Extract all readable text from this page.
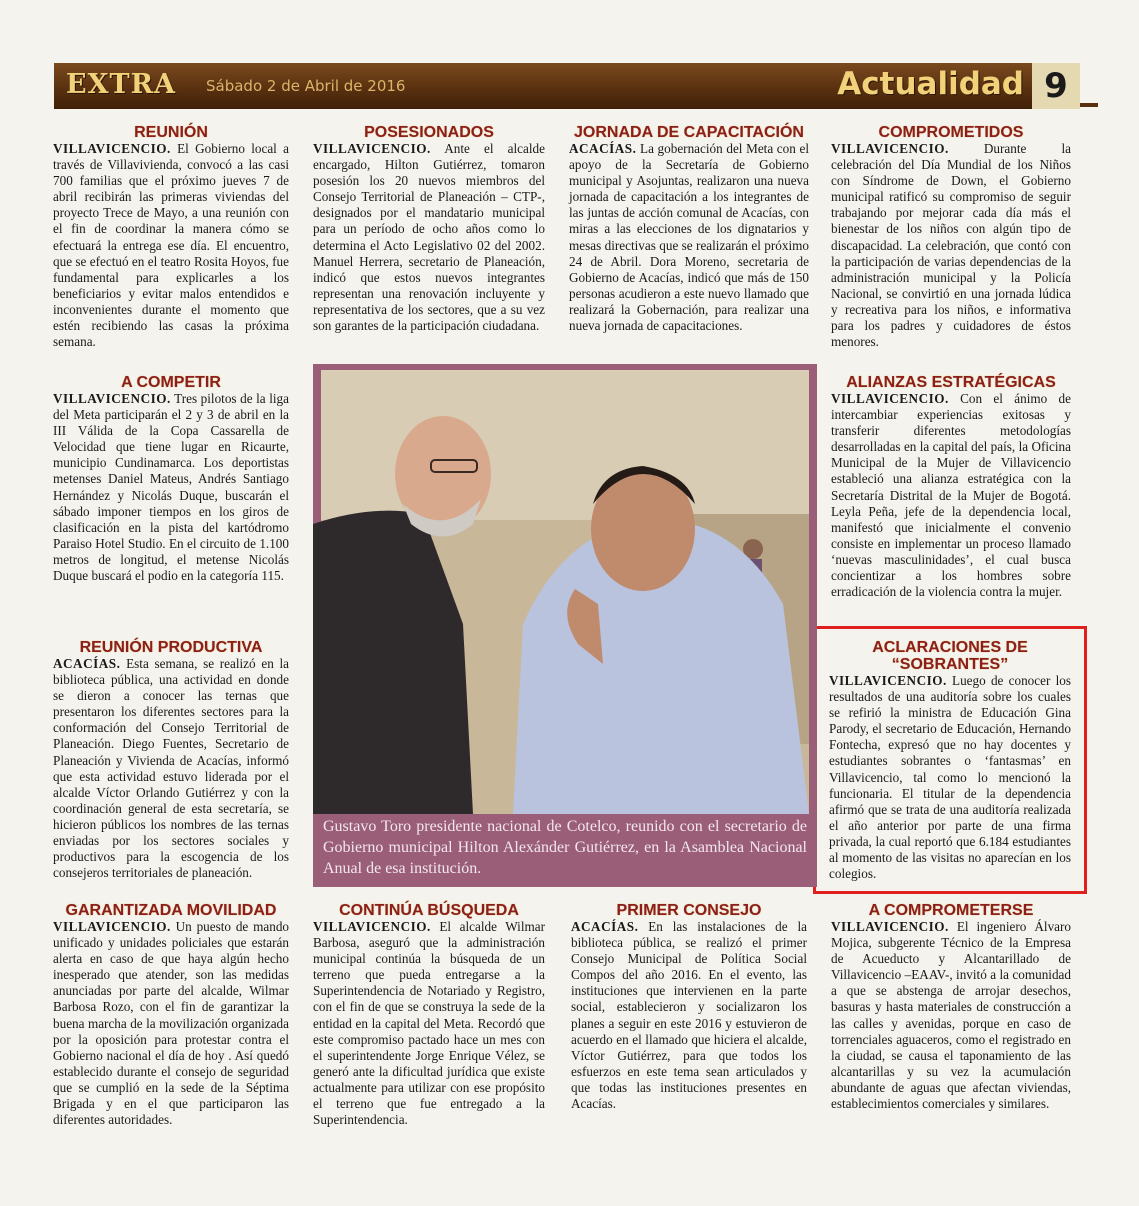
EXTRA Sábado 2 de Abril de 2016	Actualidad 9
REUNIÓN

VILLAVICENCIO. El Gobierno local a través de Villavivienda, convocó a las casi 700 familias que el próximo jueves 7 de abril recibirán las primeras viviendas del proyecto Trece de Mayo, a una reunión con el fin de coordinar la manera cómo se efectuará la entrega ese día. El encuentro, que se efectuó en el teatro Rosita Hoyos, fue fundamental para explicarles a los beneficiarios y evitar malos entendidos e inconvenientes durante el momento que estén recibiendo las casas la próxima semana.

A COMPETIR

VILLAVICENCIO. Tres pilotos de la liga del Meta participarán el 2 y 3 de abril en la III Válida de la Copa Cassarella de Velocidad que tiene lugar en Ricaurte, municipio Cundinamarca. Los deportistas metenses Daniel Mateus, Andrés Santiago Hernández y Nicolás Duque, buscarán el sábado imponer tiempos en los giros de clasificación en la pista del kartódromo Paraiso Hotel Studio. En el circuito de 1.100 metros de longitud, el metense Nicolás Duque buscará el podio en la categoría 115.

REUNIÓN PRODUCTIVA

ACACÍAS. Esta semana, se realizó en la biblioteca pública, una actividad en donde se dieron a conocer las ternas que presentaron los diferentes sectores para la conformación del Consejo Territorial de Planeación. Diego Fuentes, Secretario de Planeación y Vivienda de Acacías, informó que esta actividad estuvo liderada por el alcalde Víctor Orlando Gutiérrez y con la coordinación general de esta secretaría, se hicieron públicos los nombres de las ternas enviadas por los sectores sociales y productivos para la escogencia de los consejeros territoriales de planeación.

GARANTIZADA MOVILIDAD

VILLAVICENCIO. Un puesto de mando unificado y unidades policiales que estarán alerta en caso de que haya algún hecho inesperado que atender, son las medidas anunciadas por parte del alcalde, Wilmar Barbosa Rozo, con el fin de garantizar la buena marcha de la movilización organizada por la oposición para protestar contra el Gobierno nacional el día de hoy . Así quedó establecido durante el consejo de seguridad que se cumplió en la sede de la Séptima Brigada y en el que participaron las diferentes autoridades.

POSESIONADOS

VILLAVICENCIO. Ante el alcalde encargado, Hilton Gutiérrez, tomaron posesión los 20 nuevos miembros del Consejo Territorial de Planeación – CTP-, designados por el mandatario municipal para un período de ocho años como lo determina el Acto Legislativo 02 del 2002. Manuel Herrera, secretario de Planeación, indicó que estos nuevos integrantes representan una renovación incluyente y representativa de los sectores, que a su vez son garantes de la participación ciudadana.

CONTINÚA BÚSQUEDA

VILLAVICENCIO. El alcalde Wilmar Barbosa, aseguró que la administración municipal continúa la búsqueda de un terreno que pueda entregarse a la Superintendencia de Notariado y Registro, con el fin de que se construya la sede de la entidad en la capital del Meta. Recordó que este compromiso pactado hace un mes con el superintendente Jorge Enrique Vélez, se generó ante la dificultad jurídica que existe actualmente para utilizar con ese propósito el terreno que fue entregado a la Superintendencia.

JORNADA DE CAPACITACIÓN

ACACÍAS. La gobernación del Meta con el apoyo de la Secretaría de Gobierno municipal y Asojuntas, realizaron una nueva jornada de capacitación a los integrantes de las juntas de acción comunal de Acacías, con miras a las elecciones de los dignatarios y mesas directivas que se realizarán el próximo 24 de Abril. Dora Moreno, secretaria de Gobierno de Acacías, indicó que más de 150 personas acudieron a este nuevo llamado que realizará la Gobernación, para realizar una nueva jornada de capacitaciones.

PRIMER CONSEJO

ACACÍAS. En las instalaciones de la biblioteca pública, se realizó el primer Consejo Municipal de Política Social Compos del año 2016. En el evento, las instituciones que intervienen en la parte social, establecieron y socializaron los planes a seguir en este 2016 y estuvieron de acuerdo en el llamado que hiciera el alcalde, Víctor Gutiérrez, para que todos los esfuerzos en este tema sean articulados y que todas las instituciones presentes en Acacías.

COMPROMETIDOS

VILLAVICENCIO.	Durante la celebración del Día Mundial de los Niños con Síndrome de Down, el Gobierno municipal ratificó su compromiso de seguir trabajando por mejorar cada día más el bienestar de los niños con algún tipo de discapacidad. La celebración, que contó con la participación de varias dependencias de la administración municipal y la Policía Nacional, se convirtió en una jornada lúdica y recreativa para los niños, e informativa para los padres y cuidadores de éstos menores.

ALIANZAS ESTRATÉGICAS

VILLAVICENCIO. Con el ánimo de intercambiar experiencias exitosas y transferir diferentes metodologías desarrolladas en la capital del país, la Oficina Municipal de la Mujer de Villavicencio estableció una alianza estratégica con la Secretaría Distrital de la Mujer de Bogotá. Leyla Peña, jefe de la dependencia local, manifestó que inicialmente el convenio consiste en implementar un proceso llamado ‘nuevas masculinidades’, el cual busca concientizar a los hombres sobre erradicación de la violencia contra la mujer.

ACLARACIONES DE
“SOBRANTES”

VILLAVICENCIO. Luego de conocer los resultados de una auditoría sobre los cuales se refirió la ministra de Educación Gina Parody, el secretario de Educación, Hernando Fontecha, expresó que no hay docentes y estudiantes sobrantes o ‘fantasmas’ en Villavicencio, tal como lo mencionó la funcionaria. El titular de la dependencia afirmó que se trata de una auditoría realizada el año anterior por parte de una firma privada, la cual reportó que 6.184 estudiantes al momento de las visitas no aparecían en los colegios.

A COMPROMETERSE

VILLAVICENCIO. El ingeniero Álvaro Mojica, subgerente Técnico de la Empresa de Acueducto y Alcantarillado de Villavicencio –EAAV-, invitó a la comunidad a que se abstenga de arrojar desechos, basuras y hasta materiales de construcción a las calles y avenidas, porque en caso de torrenciales aguaceros, como el registrado en la ciudad, se causa el taponamiento de las alcantarillas y su vez la acumulación abundante de aguas que afectan viviendas, establecimientos comerciales y similares.

Gustavo Toro presidente nacional de Cotelco, reunido con el secretario de Gobierno municipal Hilton Alexánder Gutiérrez, en la Asamblea Nacional Anual de esa institución.
